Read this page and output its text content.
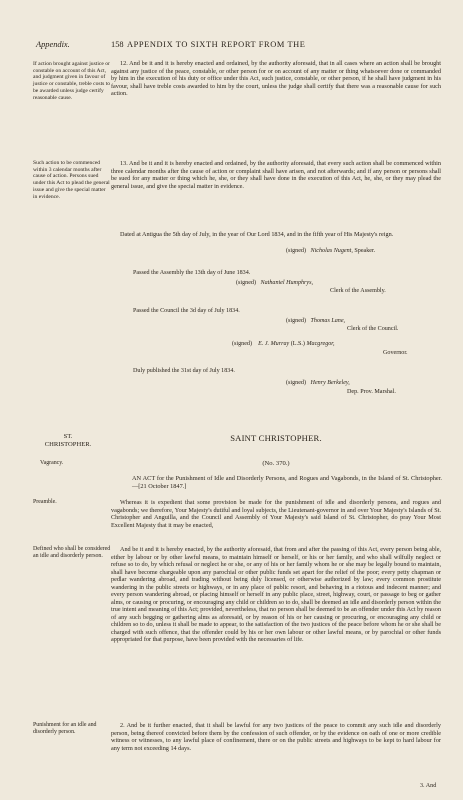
Appendix.	158 APPENDIX TO SIXTH REPORT FROM THE
If action brought against justice or constable on account of this Act, and judgment given in favour of justice or constable, treble costs to be awarded unless judge certify reasonable cause.
12. And be it and it is hereby enacted and ordained, by the authority aforesaid, that in all cases where an action shall be brought against any justice of the peace, constable, or other person for or on account of any matter or thing whatsoever done or commanded by him in the execution of his duty or office under this Act, such justice, constable, or other person, if he shall have judgment in his favour, shall have treble costs awarded to him by the court, unless the judge shall certify that there was a reasonable cause for such action.
Such action to be commenced within 3 calendar months after cause of action. Persons sued under this Act to plead the general issue and give the special matter in evidence.
13. And be it and it is hereby enacted and ordained, by the authority aforesaid, that every such action shall be commenced within three calendar months after the cause of action or complaint shall have arisen, and not afterwards; and if any person or persons shall be sued for any matter or thing which he, she, or they shall have done in the execution of this Act, he, she, or they may plead the general issue, and give the special matter in evidence.
Dated at Antigua the 5th day of July, in the year of Our Lord 1834, and in the fifth year of His Majesty's reign.
(signed) Nicholas Nugent, Speaker.
Passed the Assembly the 13th day of June 1834.
(signed) Nathaniel Humphrys,
Clerk of the Assembly.
Passed the Council the 3d day of July 1834.
(signed) Thomas Lane,
Clerk of the Council.
(signed) E. J. Murray (L.S.) Macgregor,
Governor.
Duly published the 31st day of July 1834.
(signed) Henry Berkeley,
Dep. Prov. Marshal.
ST. CHRISTOPHER.
SAINT CHRISTOPHER.
Vagrancy.	(No. 370.)
AN ACT for the Punishment of Idle and Disorderly Persons, and Rogues and Vagabonds, in the Island of St. Christopher.—[21 October 1847.]
Preamble.	Whereas it is expedient that some provision be made for the punishment of idle and disorderly persons, and rogues and vagabonds; we therefore, Your Majesty's dutiful and loyal subjects, the Lieutenant-governor in and over Your Majesty's Islands of St. Christopher and Anguilla, and the Council and Assembly of Your Majesty's said Island of St. Christopher, do pray Your Most Excellent Majesty that it may be enacted,
Defined who shall be considered an idle and disorderly person.
And be it and it is hereby enacted, by the authority aforesaid, that from and after the passing of this Act, every person being able, either by labour or by other lawful means, to maintain himself or herself, or his or her family, and who shall wilfully neglect or refuse so to do, by which refusal or neglect he or she, or any of his or her family whom he or she may be legally bound to maintain, shall have become chargeable upon any parochial or other public funds set apart for the relief of the poor; every petty chapman or pedlar wandering abroad, and trading without being duly licensed, or otherwise authorized by law; every common prostitute wandering in the public streets or highways, or in any place of public resort, and behaving in a riotous and indecent manner; and every person wandering abroad, or placing himself or herself in any public place, street, highway, court, or passage to beg or gather alms, or causing or procuring, or encouraging any child or children so to do, shall be deemed an idle and disorderly person within the true intent and meaning of this Act; provided, nevertheless, that no person shall be deemed to be an offender under this Act by reason of any such begging or gathering alms as aforesaid, or by reason of his or her causing or procuring, or encouraging any child or children so to do, unless it shall be made to appear, to the satisfaction of the two justices of the peace before whom he or she shall be charged with such offence, that the offender could by his or her own labour or other lawful means, or by parochial or other funds appropriated for that purpose, have been provided with the necessaries of life.
Punishment for an idle and disorderly person.
2. And be it further enacted, that it shall be lawful for any two justices of the peace to commit any such idle and disorderly person, being thereof convicted before them by the confession of such offender, or by the evidence on oath of one or more credible witness or witnesses, to any lawful place of confinement, there or on the public streets and highways to be kept to hard labour for any term not exceeding 14 days.
3. And
